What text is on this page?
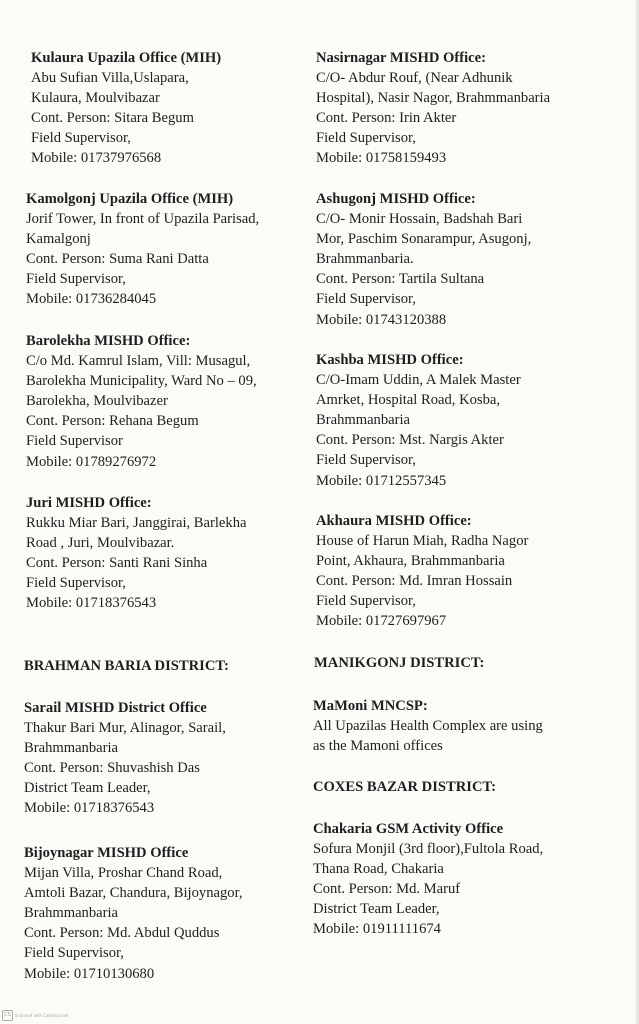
Kulaura Upazila Office (MIH)
Abu Sufian Villa,Uslapara,
Kulaura, Moulvibazar
Cont. Person: Sitara Begum
Field Supervisor,
Mobile: 01737976568
Kamolgonj Upazila Office (MIH)
Jorif Tower, In front of Upazila Parisad,
Kamalgonj
Cont. Person: Suma Rani Datta
Field Supervisor,
Mobile: 01736284045
Barolekha MISHD Office:
C/o Md. Kamrul Islam, Vill: Musagul,
Barolekha Municipality, Ward No – 09,
Barolekha, Moulvibazer
Cont. Person: Rehana Begum
Field Supervisor
Mobile: 01789276972
Juri MISHD Office:
Rukku Miar Bari, Janggirai, Barlekha
Road , Juri, Moulvibazar.
Cont. Person: Santi Rani Sinha
Field Supervisor,
Mobile: 01718376543
BRAHMAN BARIA DISTRICT:
Sarail MISHD District Office
Thakur Bari Mur, Alinagor, Sarail,
Brahmmanbaria
Cont. Person: Shuvashish Das
District Team Leader,
Mobile: 01718376543
Bijoynagar MISHD Office
Mijan Villa, Proshar Chand Road,
Amtoli Bazar, Chandura, Bijoynagor,
Brahmmanbaria
Cont. Person: Md. Abdul Quddus
Field Supervisor,
Mobile: 01710130680
Nasirnagar MISHD Office:
C/O- Abdur Rouf, (Near Adhunik
Hospital), Nasir Nagor, Brahmmanbaria
Cont. Person: Irin Akter
Field Supervisor,
Mobile: 01758159493
Ashugonj MISHD Office:
C/O- Monir Hossain, Badshah Bari
Mor, Paschim Sonarampur, Asugonj,
Brahmmanbaria.
Cont. Person: Tartila Sultana
Field Supervisor,
Mobile: 01743120388
Kashba MISHD Office:
C/O-Imam Uddin, A Malek Master
Amrket, Hospital Road, Kosba,
Brahmmanbaria
Cont. Person: Mst. Nargis Akter
Field Supervisor,
Mobile: 01712557345
Akhaura MISHD Office:
House of Harun Miah, Radha Nagor
Point, Akhaura, Brahmmanbaria
Cont. Person: Md. Imran Hossain
Field Supervisor,
Mobile: 01727697967
MANIKGONJ DISTRICT:
MaMoni MNCSP:
All Upazilas Health Complex are using
as the Mamoni offices
COXES BAZAR DISTRICT:
Chakaria GSM Activity Office
Sofura Monjil (3rd floor),Fultola Road,
Thana Road, Chakaria
Cont. Person: Md. Maruf
District Team Leader,
Mobile: 01911111674
CS	Scanned with CamScanner
